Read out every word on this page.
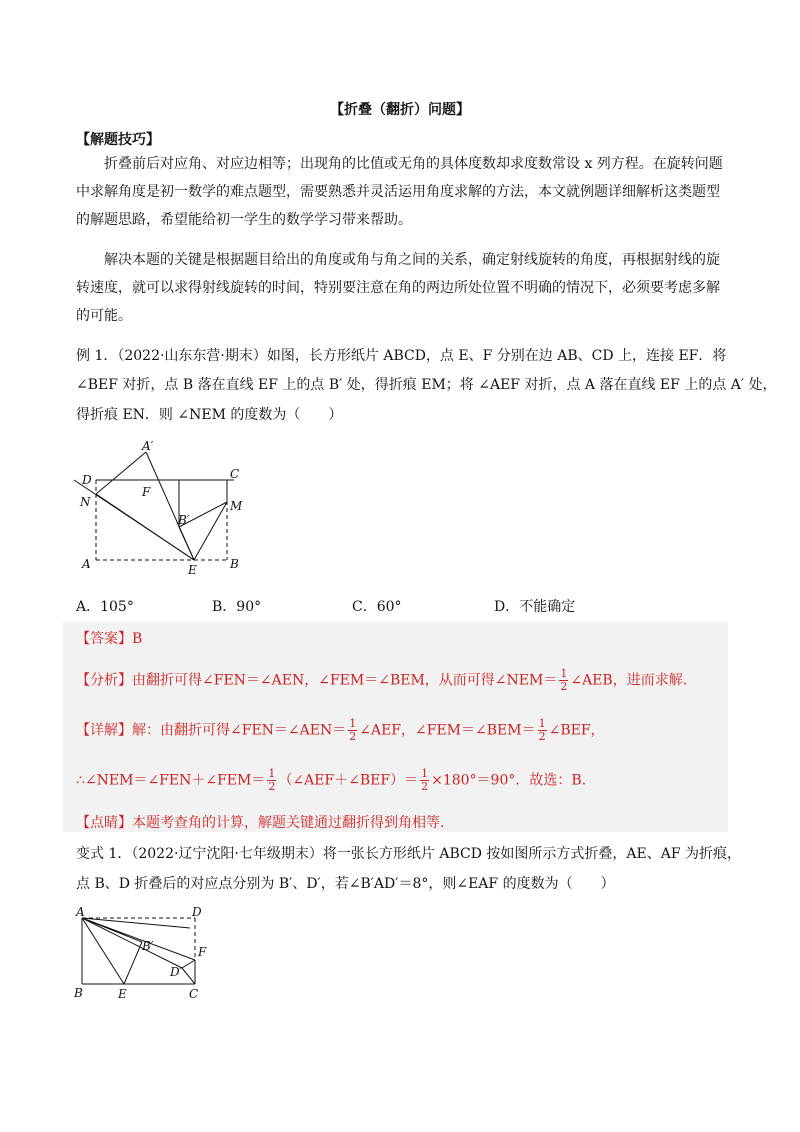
【折叠（翻折）问题】
【解题技巧】

折叠前后对应角、对应边相等；出现角的比值或无角的具体度数却求度数常设 x 列方程。在旋转问题中求解角度是初一数学的难点题型，需要熟悉并灵活运用角度求解的方法，本文就例题详细解析这类题型的解题思路，希望能给初一学生的数学学习带来帮助。

解决本题的关键是根据题目给出的角度或角与角之间的关系，确定射线旋转的角度，再根据射线的旋转速度，就可以求得射线旋转的时间，特别要注意在角的两边所处位置不明确的情况下，必须要考虑多解的可能。

例 1．（2022·山东东营·期末）如图，长方形纸片 ABCD，点 E、F 分别在边 AB、CD 上，连接 EF．将
∠BEF 对折，点 B 落在直线 EF 上的点 B′ 处，得折痕 EM；将 ∠AEF 对折，点 A 落在直线 EF 上的点 A′ 处，
得折痕 EN．则 ∠NEM 的度数为（　　）
A′
D	C
F
N	M
B′
A	E	B
A．105°	B．90°	C．60°	D．不能确定
【答案】B
【分析】由翻折可得∠FEN＝∠AEN，∠FEM＝∠BEM，从而可得∠NEM＝ $\frac{1}{2}$ ∠AEB，进而求解.
【详解】解：由翻折可得∠FEN＝∠AEN＝ $\frac{1}{2}$ ∠AEF，∠FEM＝∠BEM＝ $\frac{1}{2}$ ∠BEF，
∴∠NEM＝∠FEN＋∠FEM＝ $\frac{1}{2}$ （∠AEF＋∠BEF）＝ $\frac{1}{2} \times 180^\circ=90^\circ$．故选：B.
【点睛】本题考查角的计算，解题关键通过翻折得到角相等.
变式 1．（2022·辽宁沈阳·七年级期末）将一张长方形纸片 ABCD 按如图所示方式折叠，AE、AF 为折痕，
点 B、D 折叠后的对应点分别为 B′、D′，若∠B′AD′＝8°，则∠EAF 的度数为（　　）
A	D
B′	F
D′
B	E	C
